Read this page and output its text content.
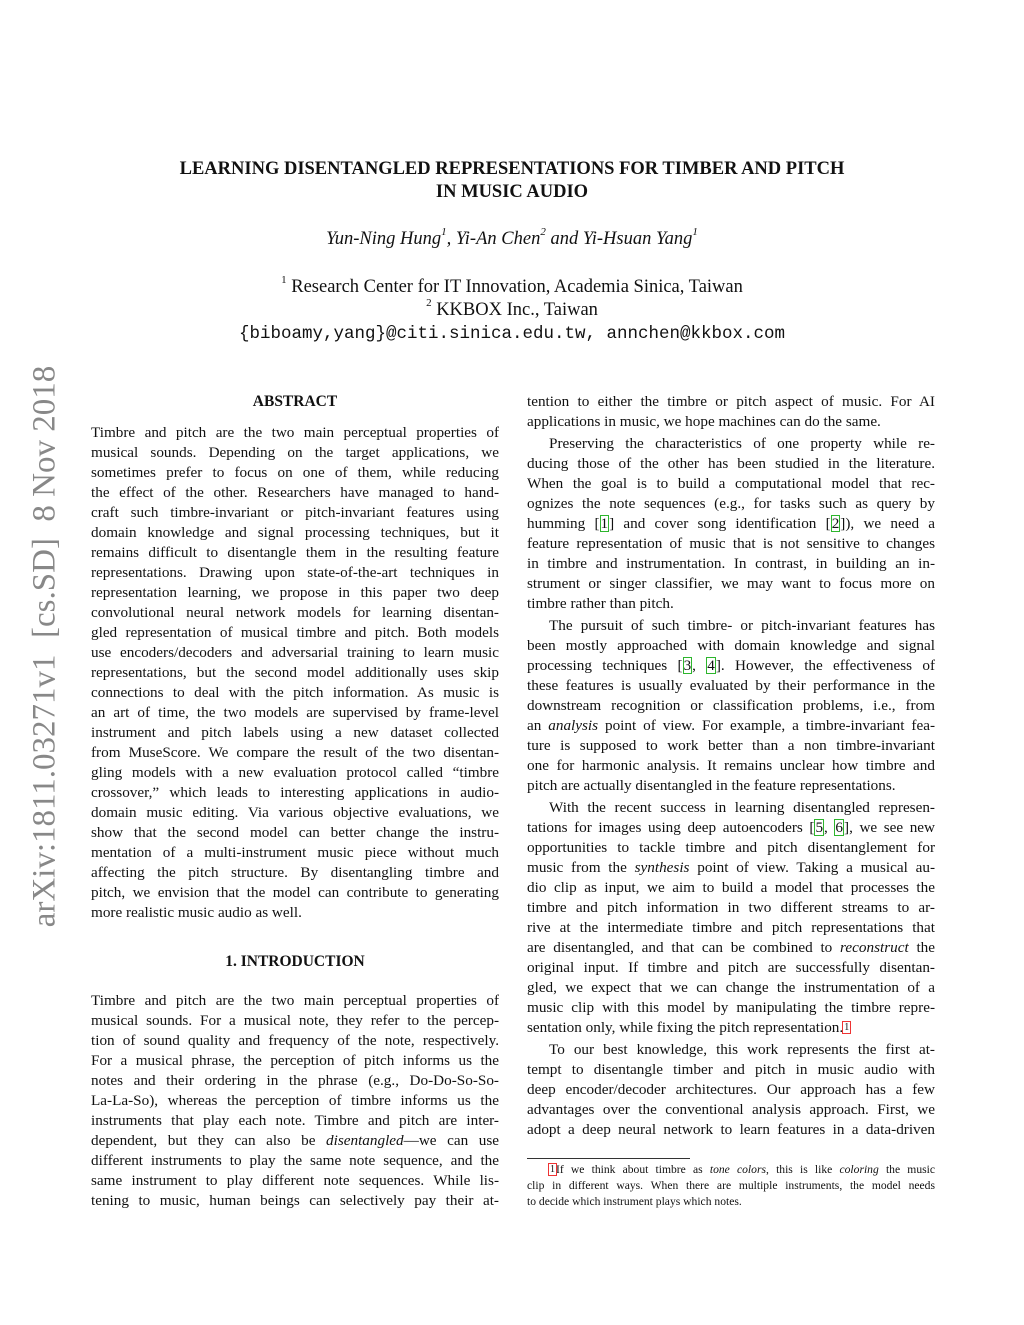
arXiv:1811.03271v1  [cs.SD]  8 Nov 2018
LEARNING DISENTANGLED REPRESENTATIONS FOR TIMBER AND PITCH
IN MUSIC AUDIO
Yun-Ning Hung$^1$, Yi-An Chen$^2$ and Yi-Hsuan Yang$^1$
$^1$ Research Center for IT Innovation, Academia Sinica, Taiwan
$^2$ KKBOX Inc., Taiwan
{biboamy,yang}@citi.sinica.edu.tw, annchen@kkbox.com
ABSTRACT
Timbre and pitch are the two main perceptual properties of
musical sounds. Depending on the target applications, we
sometimes prefer to focus on one of them, while reducing
the effect of the other. Researchers have managed to hand-
craft such timbre-invariant or pitch-invariant features using
domain knowledge and signal processing techniques, but it
remains difficult to disentangle them in the resulting feature
representations. Drawing upon state-of-the-art techniques in
representation learning, we propose in this paper two deep
convolutional neural network models for learning disentan-
gled representation of musical timbre and pitch. Both models
use encoders/decoders and adversarial training to learn music
representations, but the second model additionally uses skip
connections to deal with the pitch information. As music is
an art of time, the two models are supervised by frame-level
instrument and pitch labels using a new dataset collected
from MuseScore. We compare the result of the two disentan-
gling models with a new evaluation protocol called “timbre
crossover,” which leads to interesting applications in audio-
domain music editing. Via various objective evaluations, we
show that the second model can better change the instru-
mentation of a multi-instrument music piece without much
affecting the pitch structure. By disentangling timbre and
pitch, we envision that the model can contribute to generating
more realistic music audio as well.
1. INTRODUCTION
Timbre and pitch are the two main perceptual properties of
musical sounds. For a musical note, they refer to the percep-
tion of sound quality and frequency of the note, respectively.
For a musical phrase, the perception of pitch informs us the
notes and their ordering in the phrase (e.g., Do-Do-So-So-
La-La-So), whereas the perception of timbre informs us the
instruments that play each note. Timbre and pitch are inter-
dependent, but they can also be disentangled—we can use
different instruments to play the same note sequence, and the
same instrument to play different note sequences. While lis-
tening to music, human beings can selectively pay their at-
tention to either the timbre or pitch aspect of music. For AI
applications in music, we hope machines can do the same.
Preserving the characteristics of one property while re-
ducing those of the other has been studied in the literature.
When the goal is to build a computational model that rec-
ognizes the note sequences (e.g., for tasks such as query by
humming [1] and cover song identification [2]), we need a
feature representation of music that is not sensitive to changes
in timbre and instrumentation. In contrast, in building an in-
strument or singer classifier, we may want to focus more on
timbre rather than pitch.
The pursuit of such timbre- or pitch-invariant features has
been mostly approached with domain knowledge and signal
processing techniques [3, 4]. However, the effectiveness of
these features is usually evaluated by their performance in the
downstream recognition or classification problems, i.e., from
an analysis point of view. For example, a timbre-invariant fea-
ture is supposed to work better than a non timbre-invariant
one for harmonic analysis. It remains unclear how timbre and
pitch are actually disentangled in the feature representations.
With the recent success in learning disentangled represen-
tations for images using deep autoencoders [5, 6], we see new
opportunities to tackle timbre and pitch disentanglement for
music from the synthesis point of view. Taking a musical au-
dio clip as input, we aim to build a model that processes the
timbre and pitch information in two different streams to ar-
rive at the intermediate timbre and pitch representations that
are disentangled, and that can be combined to reconstruct the
original input. If timbre and pitch are successfully disentan-
gled, we expect that we can change the instrumentation of a
music clip with this model by manipulating the timbre repre-
sentation only, while fixing the pitch representation.$^1$
To our best knowledge, this work represents the first at-
tempt to disentangle timber and pitch in music audio with
deep encoder/decoder architectures. Our approach has a few
advantages over the conventional analysis approach. First, we
adopt a deep neural network to learn features in a data-driven
1If we think about timbre as tone colors, this is like coloring the music
clip in different ways. When there are multiple instruments, the model needs
to decide which instrument plays which notes.
